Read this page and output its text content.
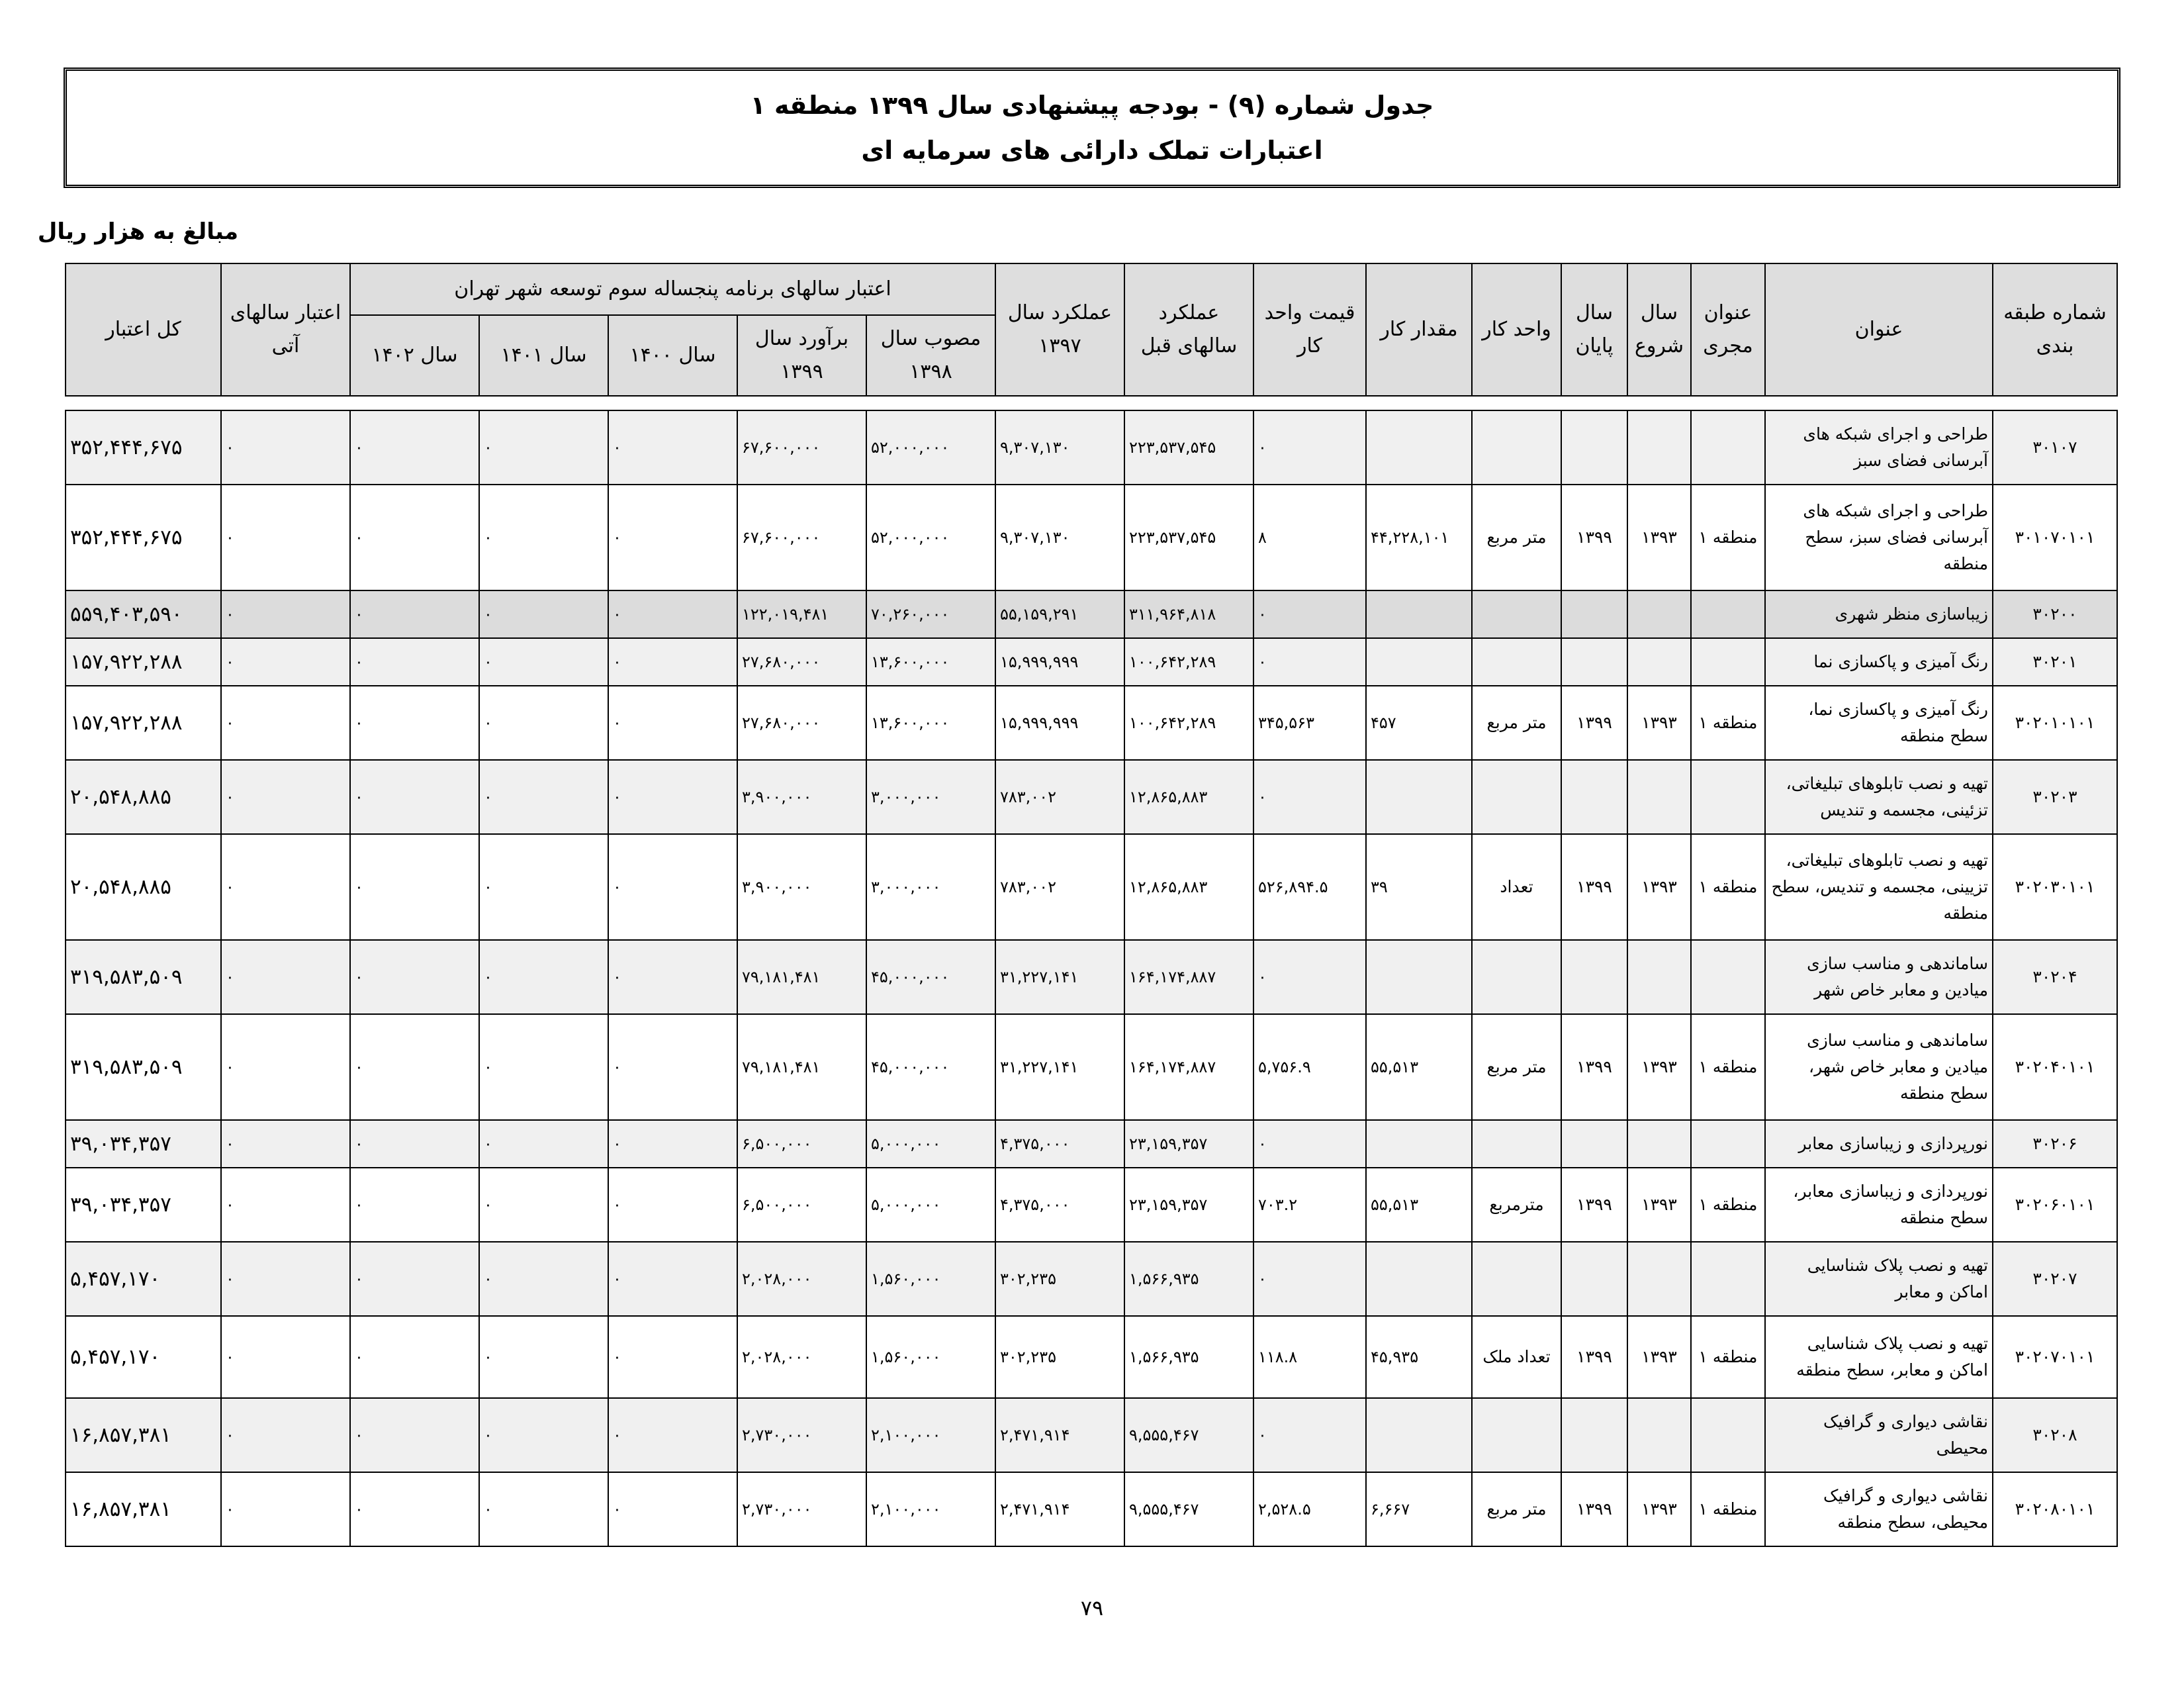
جدول شماره (۹) - بودجه پیشنهادی سال ۱۳۹۹ منطقه ۱
اعتبارات تملک دارائی های سرمایه ای
مبالغ به هزار ریال
شماره طبقه بندی	عنوان	عنوان مجری	سال شروع	سال پایان	واحد کار	مقدار کار	قیمت واحد کار	عملکرد سالهای قبل	عملکرد سال ۱۳۹۷	اعتبار سالهای برنامه پنجساله سوم توسعه شهر تهران					اعتبار سالهای آتی	کل اعتبار
										مصوب سال ۱۳۹۸	برآورد سال ۱۳۹۹	سال ۱۴۰۰	سال ۱۴۰۱	سال ۱۴۰۲		

۳۰۱۰۷	طراحی و اجرای شبکه های آبرسانی فضای سبز						۰	۲۲۳,۵۳۷,۵۴۵	۹,۳۰۷,۱۳۰	۵۲,۰۰۰,۰۰۰	۶۷,۶۰۰,۰۰۰	۰	۰	۰	۰	۳۵۲,۴۴۴,۶۷۵
۳۰۱۰۷۰۱۰۱	طراحی و اجرای شبکه های آبرسانی فضای سبز، سطح منطقه	منطقه ۱	۱۳۹۳	۱۳۹۹	متر مربع	۴۴,۲۲۸,۱۰۱	۸	۲۲۳,۵۳۷,۵۴۵	۹,۳۰۷,۱۳۰	۵۲,۰۰۰,۰۰۰	۶۷,۶۰۰,۰۰۰	۰	۰	۰	۰	۳۵۲,۴۴۴,۶۷۵
۳۰۲۰۰	زیباسازی منظر شهری						۰	۳۱۱,۹۶۴,۸۱۸	۵۵,۱۵۹,۲۹۱	۷۰,۲۶۰,۰۰۰	۱۲۲,۰۱۹,۴۸۱	۰	۰	۰	۰	۵۵۹,۴۰۳,۵۹۰
۳۰۲۰۱	رنگ آمیزی و پاکسازی نما						۰	۱۰۰,۶۴۲,۲۸۹	۱۵,۹۹۹,۹۹۹	۱۳,۶۰۰,۰۰۰	۲۷,۶۸۰,۰۰۰	۰	۰	۰	۰	۱۵۷,۹۲۲,۲۸۸
۳۰۲۰۱۰۱۰۱	رنگ آمیزی و پاکسازی نما، سطح منطقه	منطقه ۱	۱۳۹۳	۱۳۹۹	متر مربع	۴۵۷	۳۴۵,۵۶۳	۱۰۰,۶۴۲,۲۸۹	۱۵,۹۹۹,۹۹۹	۱۳,۶۰۰,۰۰۰	۲۷,۶۸۰,۰۰۰	۰	۰	۰	۰	۱۵۷,۹۲۲,۲۸۸
۳۰۲۰۳	تهیه و نصب تابلوهای تبلیغاتی، تزئینی، مجسمه و تندیس						۰	۱۲,۸۶۵,۸۸۳	۷۸۳,۰۰۲	۳,۰۰۰,۰۰۰	۳,۹۰۰,۰۰۰	۰	۰	۰	۰	۲۰,۵۴۸,۸۸۵
۳۰۲۰۳۰۱۰۱	تهیه و نصب تابلوهای تبلیغاتی، تزیینی، مجسمه و تندیس، سطح منطقه	منطقه ۱	۱۳۹۳	۱۳۹۹	تعداد	۳۹	۵۲۶,۸۹۴.۵	۱۲,۸۶۵,۸۸۳	۷۸۳,۰۰۲	۳,۰۰۰,۰۰۰	۳,۹۰۰,۰۰۰	۰	۰	۰	۰	۲۰,۵۴۸,۸۸۵
۳۰۲۰۴	ساماندهی و مناسب سازی میادین و معابر خاص شهر						۰	۱۶۴,۱۷۴,۸۸۷	۳۱,۲۲۷,۱۴۱	۴۵,۰۰۰,۰۰۰	۷۹,۱۸۱,۴۸۱	۰	۰	۰	۰	۳۱۹,۵۸۳,۵۰۹
۳۰۲۰۴۰۱۰۱	ساماندهی و مناسب سازی میادین و معابر خاص شهر، سطح منطقه	منطقه ۱	۱۳۹۳	۱۳۹۹	متر مربع	۵۵,۵۱۳	۵,۷۵۶.۹	۱۶۴,۱۷۴,۸۸۷	۳۱,۲۲۷,۱۴۱	۴۵,۰۰۰,۰۰۰	۷۹,۱۸۱,۴۸۱	۰	۰	۰	۰	۳۱۹,۵۸۳,۵۰۹
۳۰۲۰۶	نورپردازی و زیباسازی معابر						۰	۲۳,۱۵۹,۳۵۷	۴,۳۷۵,۰۰۰	۵,۰۰۰,۰۰۰	۶,۵۰۰,۰۰۰	۰	۰	۰	۰	۳۹,۰۳۴,۳۵۷
۳۰۲۰۶۰۱۰۱	نورپردازی و زیباسازی معابر، سطح منطقه	منطقه ۱	۱۳۹۳	۱۳۹۹	مترمربع	۵۵,۵۱۳	۷۰۳.۲	۲۳,۱۵۹,۳۵۷	۴,۳۷۵,۰۰۰	۵,۰۰۰,۰۰۰	۶,۵۰۰,۰۰۰	۰	۰	۰	۰	۳۹,۰۳۴,۳۵۷
۳۰۲۰۷	تهیه و نصب پلاک شناسایی اماکن و معابر						۰	۱,۵۶۶,۹۳۵	۳۰۲,۲۳۵	۱,۵۶۰,۰۰۰	۲,۰۲۸,۰۰۰	۰	۰	۰	۰	۵,۴۵۷,۱۷۰
۳۰۲۰۷۰۱۰۱	تهیه و نصب پلاک شناسایی اماکن و معابر، سطح منطقه	منطقه ۱	۱۳۹۳	۱۳۹۹	تعداد ملک	۴۵,۹۳۵	۱۱۸.۸	۱,۵۶۶,۹۳۵	۳۰۲,۲۳۵	۱,۵۶۰,۰۰۰	۲,۰۲۸,۰۰۰	۰	۰	۰	۰	۵,۴۵۷,۱۷۰
۳۰۲۰۸	نقاشی دیواری و گرافیک محیطی						۰	۹,۵۵۵,۴۶۷	۲,۴۷۱,۹۱۴	۲,۱۰۰,۰۰۰	۲,۷۳۰,۰۰۰	۰	۰	۰	۰	۱۶,۸۵۷,۳۸۱
۳۰۲۰۸۰۱۰۱	نقاشی دیواری و گرافیک محیطی، سطح منطقه	منطقه ۱	۱۳۹۳	۱۳۹۹	متر مربع	۶,۶۶۷	۲,۵۲۸.۵	۹,۵۵۵,۴۶۷	۲,۴۷۱,۹۱۴	۲,۱۰۰,۰۰۰	۲,۷۳۰,۰۰۰	۰	۰	۰	۰	۱۶,۸۵۷,۳۸۱
۷۹
